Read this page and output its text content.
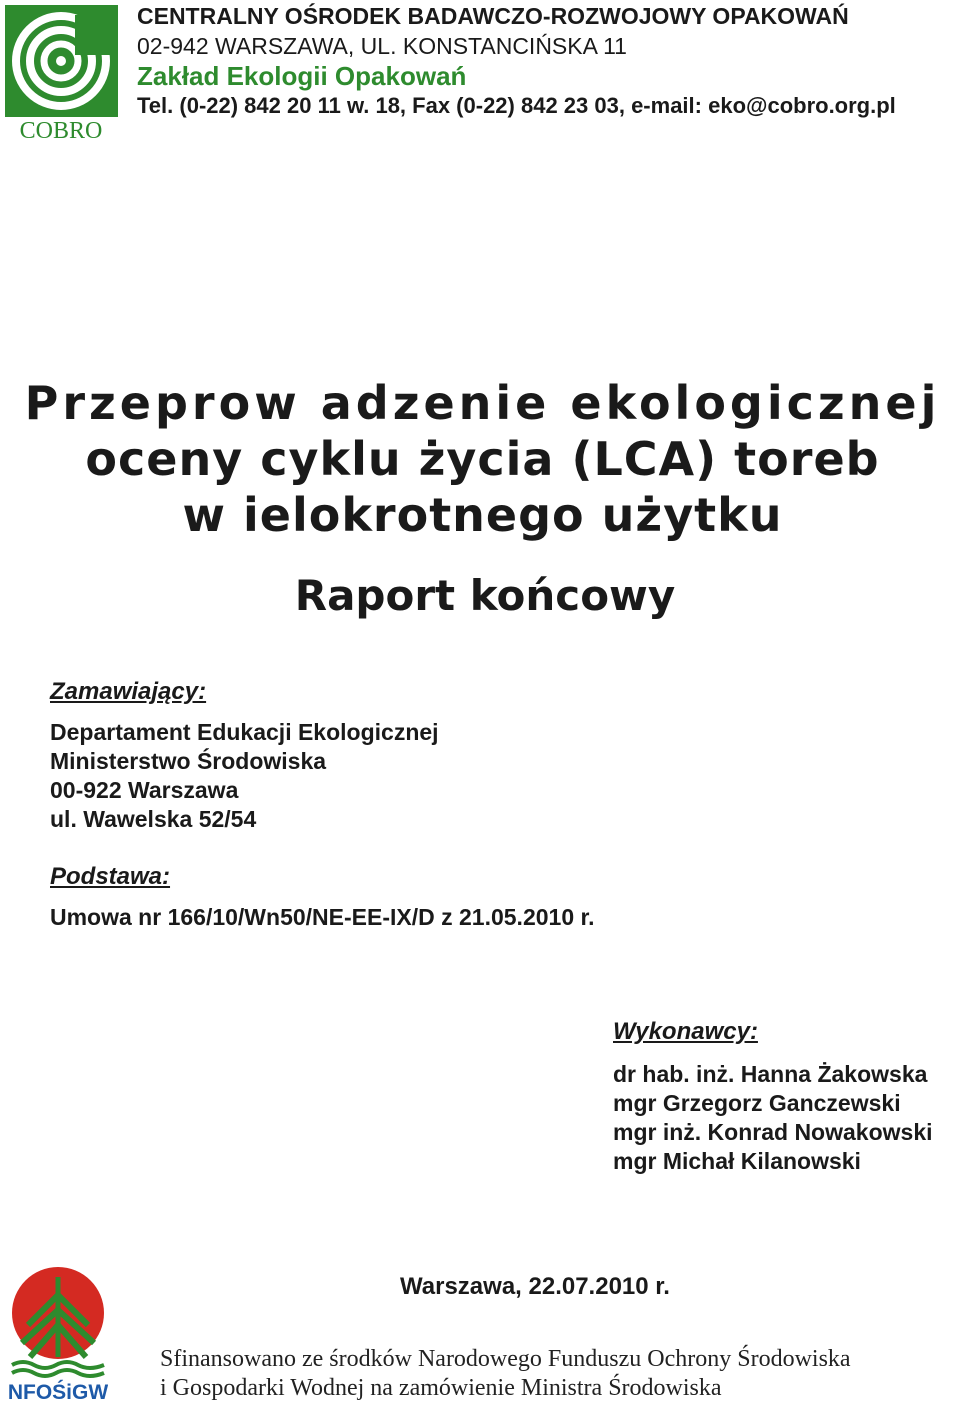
COBRO
CENTRALNY OŚRODEK BADAWCZO-ROZWOJOWY OPAKOWAŃ
02-942 WARSZAWA, UL. KONSTANCIŃSKA 11
Zakład Ekologii Opakowań
Tel. (0-22) 842 20 11 w. 18, Fax (0-22) 842 23 03, e-mail: eko@cobro.org.pl
Przeprow adzenie ekologicznej
oceny cyklu życia (LCA) toreb
w ielokrotnego użytku
Raport końcowy
Zamawiający:
Departament Edukacji Ekologicznej
Ministerstwo Środowiska
00-922 Warszawa
ul. Wawelska 52/54
Podstawa:
Umowa nr 166/10/Wn50/NE-EE-IX/D z 21.05.2010 r.
Wykonawcy:
dr hab. inż. Hanna Żakowska
mgr Grzegorz Ganczewski
mgr inż. Konrad Nowakowski
mgr Michał Kilanowski
Warszawa, 22.07.2010 r.
NFOŚiGW
Sfinansowano ze środków Narodowego Funduszu Ochrony Środowiska
i Gospodarki Wodnej na zamówienie Ministra Środowiska
